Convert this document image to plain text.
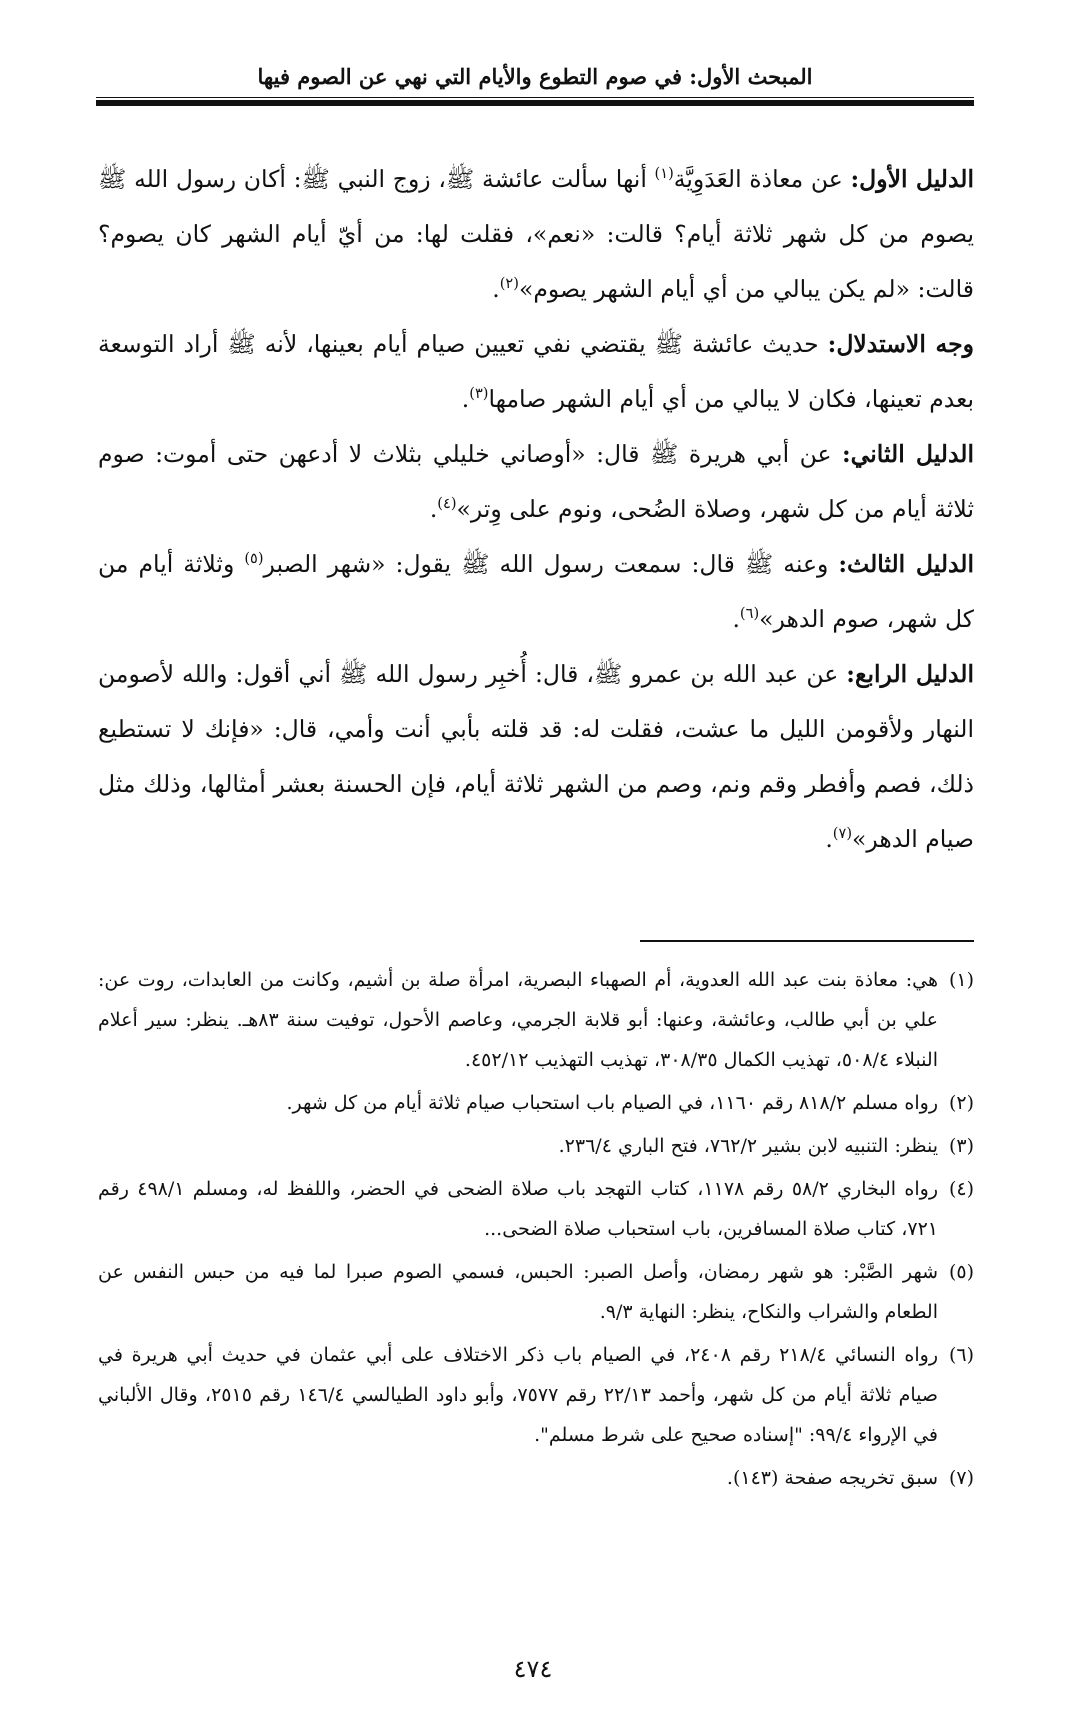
المبحث الأول: في صوم التطوع والأيام التي نهي عن الصوم فيها

الدليل الأول: عن معاذة العَدَوِيَّة$^{(١)}$ أنها سألت عائشة ﷺ، زوج النبي ﷺ: أكان رسول الله ﷺ يصوم من كل شهر ثلاثة أيام؟ قالت: «نعم»، فقلت لها: من أيّ أيام الشهر كان يصوم؟ قالت: «لم يكن يبالي من أي أيام الشهر يصوم»$^{(٢)}$.

وجه الاستدلال: حديث عائشة ﷺ يقتضي نفي تعيين صيام أيام بعينها، لأنه ﷺ أراد التوسعة بعدم تعينها، فكان لا يبالي من أي أيام الشهر صامها$^{(٣)}$.

الدليل الثاني: عن أبي هريرة ﷺ قال: «أوصاني خليلي بثلاث لا أدعهن حتى أموت: صوم ثلاثة أيام من كل شهر، وصلاة الضُحى، ونوم على وِتر»$^{(٤)}$.

الدليل الثالث: وعنه ﷺ قال: سمعت رسول الله ﷺ يقول: «شهر الصبر$^{(٥)}$ وثلاثة أيام من كل شهر، صوم الدهر»$^{(٦)}$.

الدليل الرابع: عن عبد الله بن عمرو ﷺ، قال: أُخبِر رسول الله ﷺ أني أقول: والله لأصومن النهار ولأقومن الليل ما عشت، فقلت له: قد قلته بأبي أنت وأمي، قال: «فإنك لا تستطيع ذلك، فصم وأفطر وقم ونم، وصم من الشهر ثلاثة أيام، فإن الحسنة بعشر أمثالها، وذلك مثل صيام الدهر»$^{(٧)}$.

(١)هي: معاذة بنت عبد الله العدوية، أم الصهباء البصرية، امرأة صلة بن أشيم، وكانت من العابدات، روت عن: علي بن أبي طالب، وعائشة، وعنها: أبو قلابة الجرمي، وعاصم الأحول، توفيت سنة ٨٣هـ. ينظر: سير أعلام النبلاء ٥٠٨/٤، تهذيب الكمال ٣٠٨/٣٥، تهذيب التهذيب ٤٥٢/١٢.

(٢)رواه مسلم ٨١٨/٢ رقم ١١٦٠، في الصيام باب استحباب صيام ثلاثة أيام من كل شهر.

(٣)ينظر: التنبيه لابن بشير ٧٦٢/٢، فتح الباري ٢٣٦/٤.

(٤)رواه البخاري ٥٨/٢ رقم ١١٧٨، كتاب التهجد باب صلاة الضحى في الحضر، واللفظ له، ومسلم ٤٩٨/١ رقم ٧٢١، كتاب صلاة المسافرين، باب استحباب صلاة الضحى...

(٥)شهر الصَّبْر: هو شهر رمضان، وأصل الصبر: الحبس، فسمي الصوم صبرا لما فيه من حبس النفس عن الطعام والشراب والنكاح، ينظر: النهاية ٩/٣.

(٦)رواه النسائي ٢١٨/٤ رقم ٢٤٠٨، في الصيام باب ذكر الاختلاف على أبي عثمان في حديث أبي هريرة في صيام ثلاثة أيام من كل شهر، وأحمد ٢٢/١٣ رقم ٧٥٧٧، وأبو داود الطيالسي ١٤٦/٤ رقم ٢٥١٥، وقال الألباني في الإرواء ٩٩/٤: "إسناده صحيح على شرط مسلم".

(٧)سبق تخريجه صفحة (١٤٣).

٤٧٤
